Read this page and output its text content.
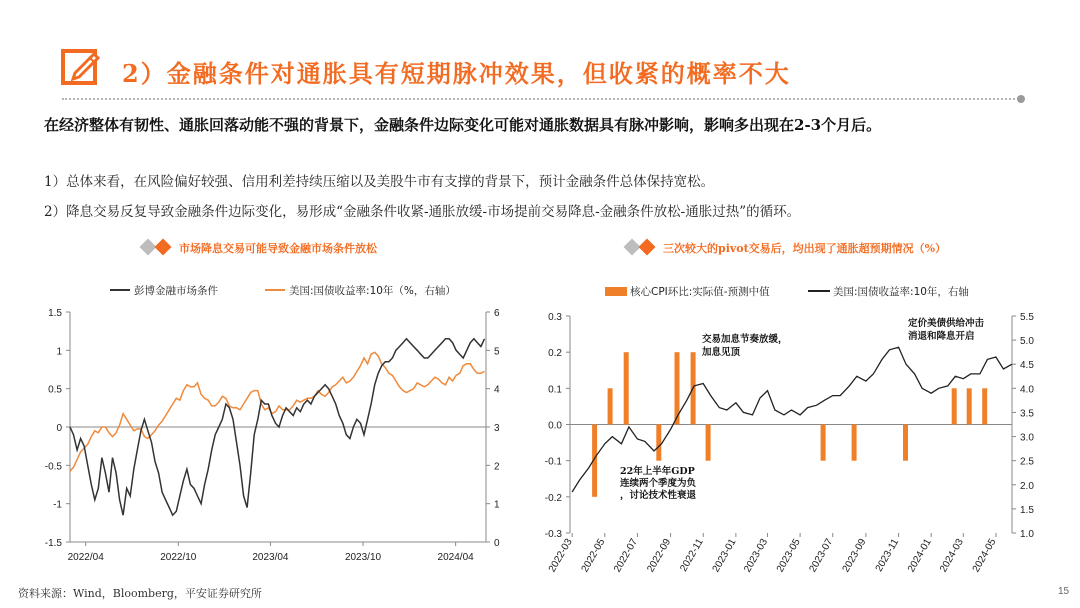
2）金融条件对通胀具有短期脉冲效果，但收紧的概率不大
在经济整体有韧性、通胀回落动能不强的背景下，金融条件边际变化可能对通胀数据具有脉冲影响，影响多出现在2-3个月后。
1）总体来看，在风险偏好较强、信用利差持续压缩以及美股牛市有支撑的背景下，预计金融条件总体保持宽松。
2）降息交易反复导致金融条件边际变化，易形成“金融条件收紧-通胀放缓-市场提前交易降息-金融条件放松-通胀过热”的循环。
市场降息交易可能导致金融市场条件放松	三次较大的pivot交易后，均出现了通胀超预期情况（%）
1.5
1
0.5
0
-0.5
-1
-1.5
6
5
4
3
2
1
0
2022/04	2022/10	2023/04	2023/10	2024/04
彭博金融市场条件	美国:国债收益率:10年（%，右轴）
0.3
0.2
0.1
0.0
-0.1
-0.2
-0.3
5.5
5.0
4.5
4.0
3.5
3.0
2.5
2.0
1.5
1.0
2022-03 2022-05 2022-07 2022-09 2022-11 2023-01 2023-03 2023-05 2023-07 2023-09 2023-11 2024-01 2024-03 2024-05
核心CPI环比:实际值-预测中值	美国:国债收益率:10年，右轴
交易加息节奏放缓，加息见顶
22年上半年GDP 连续两个季度为负，讨论技术性衰退
定价美债供给冲击消退和降息开启
资料来源：Wind，Bloomberg，平安证券研究所	15
